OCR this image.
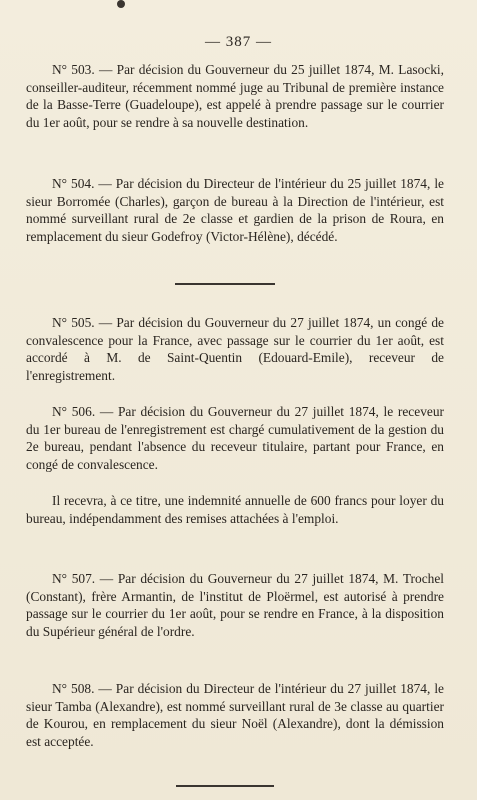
— 387 —
N° 503. — Par décision du Gouverneur du 25 juillet 1874, M. Lasocki, conseiller-auditeur, récemment nommé juge au Tribunal de première instance de la Basse-Terre (Guadeloupe), est appelé à prendre passage sur le courrier du 1er août, pour se rendre à sa nouvelle destination.
N° 504. — Par décision du Directeur de l'intérieur du 25 juillet 1874, le sieur Borromée (Charles), garçon de bureau à la Direction de l'intérieur, est nommé surveillant rural de 2e classe et gardien de la prison de Roura, en remplacement du sieur Godefroy (Victor-Hélène), décédé.
N° 505. — Par décision du Gouverneur du 27 juillet 1874, un congé de convalescence pour la France, avec passage sur le courrier du 1er août, est accordé à M. de Saint-Quentin (Edouard-Emile), receveur de l'enregistrement.
N° 506. — Par décision du Gouverneur du 27 juillet 1874, le receveur du 1er bureau de l'enregistrement est chargé cumulativement de la gestion du 2e bureau, pendant l'absence du receveur titulaire, partant pour France, en congé de convalescence.
Il recevra, à ce titre, une indemnité annuelle de 600 francs pour loyer du bureau, indépendamment des remises attachées à l'emploi.
N° 507. — Par décision du Gouverneur du 27 juillet 1874, M. Trochel (Constant), frère Armantin, de l'institut de Ploërmel, est autorisé à prendre passage sur le courrier du 1er août, pour se rendre en France, à la disposition du Supérieur général de l'ordre.
N° 508. — Par décision du Directeur de l'intérieur du 27 juillet 1874, le sieur Tamba (Alexandre), est nommé surveillant rural de 3e classe au quartier de Kourou, en remplacement du sieur Noël (Alexandre), dont la démission est acceptée.
